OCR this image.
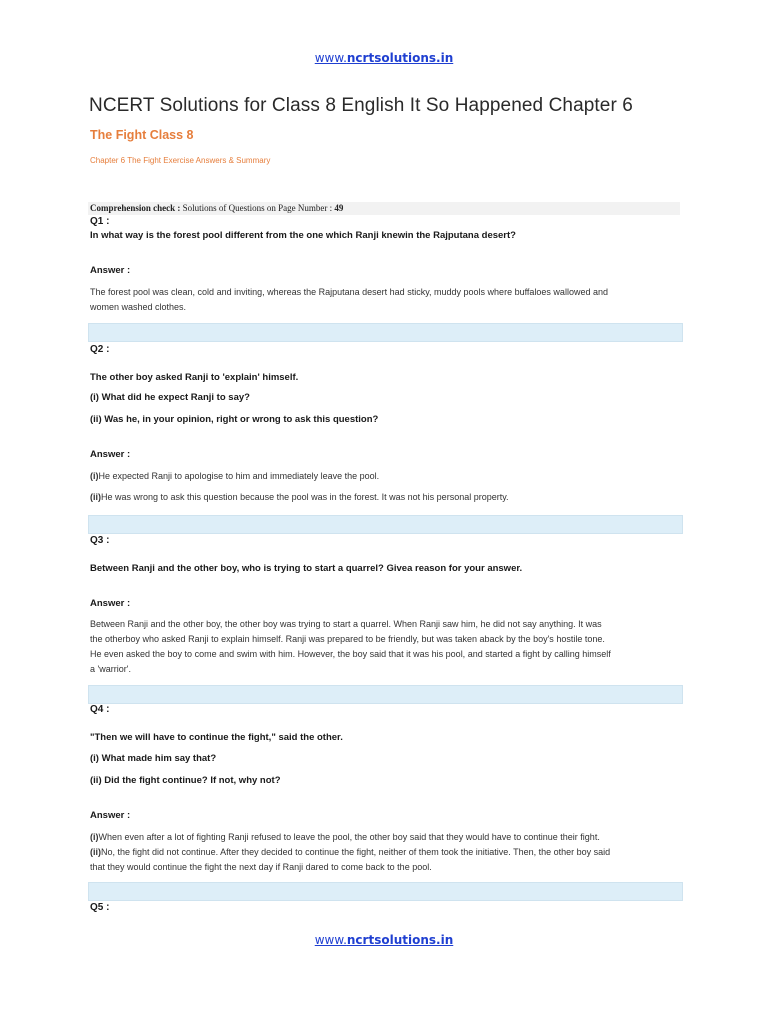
www.ncrtsolutions.in
NCERT Solutions for Class 8 English It So Happened Chapter 6
The Fight Class 8
Chapter 6 The Fight Exercise Answers & Summary
Comprehension check : Solutions of Questions on Page Number : 49
Q1 :
In what way is the forest pool different from the one which Ranji knewin the Rajputana desert?
Answer :
The forest pool was clean, cold and inviting, whereas the Rajputana desert had sticky, muddy pools where buffaloes wallowed and
women washed clothes.
Q2 :
The other boy asked Ranji to 'explain' himself.
(i) What did he expect Ranji to say?
(ii) Was he, in your opinion, right or wrong to ask this question?
Answer :
(i)He expected Ranji to apologise to him and immediately leave the pool.
(ii)He was wrong to ask this question because the pool was in the forest. It was not his personal property.
Q3 :
Between Ranji and the other boy, who is trying to start a quarrel? Givea reason for your answer.
Answer :
Between Ranji and the other boy, the other boy was trying to start a quarrel. When Ranji saw him, he did not say anything. It was
the otherboy who asked Ranji to explain himself. Ranji was prepared to be friendly, but was taken aback by the boy's hostile tone.
He even asked the boy to come and swim with him. However, the boy said that it was his pool, and started a fight by calling himself
a 'warrior'.
Q4 :
"Then we will have to continue the fight," said the other.
(i) What made him say that?
(ii) Did the fight continue? If not, why not?
Answer :
(i)When even after a lot of fighting Ranji refused to leave the pool, the other boy said that they would have to continue their fight.
(ii)No, the fight did not continue. After they decided to continue the fight, neither of them took the initiative. Then, the other boy said
that they would continue the fight the next day if Ranji dared to come back to the pool.
Q5 :
www.ncrtsolutions.in
